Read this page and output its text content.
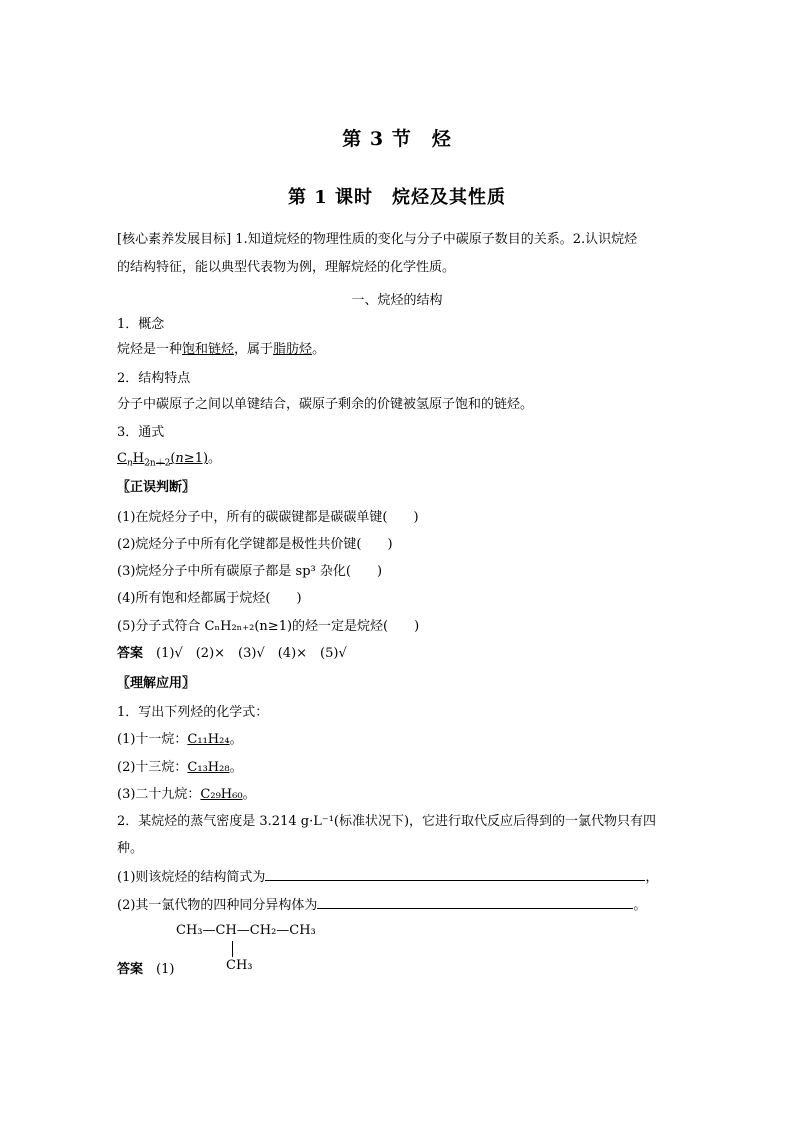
第 3 节　烃
第 1 课时　烷烃及其性质
[核心素养发展目标] 1.知道烷烃的物理性质的变化与分子中碳原子数目的关系。2.认识烷烃
的结构特征，能以典型代表物为例，理解烷烃的化学性质。
一、烷烃的结构
1．概念
烷烃是一种饱和链烃，属于脂肪烃。
2．结构特点
分子中碳原子之间以单键结合，碳原子剩余的价键被氢原子饱和的链烃。
3．通式
$C_nH_{2n+2}(n\ge 1)$。
〖正误判断〗
(1)在烷烃分子中，所有的碳碳键都是碳碳单键(　　)
(2)烷烃分子中所有化学键都是极性共价键(　　)
(3)烷烃分子中所有碳原子都是 sp³ 杂化(　　)
(4)所有饱和烃都属于烷烃(　　)
(5)分子式符合 CₙH₂ₙ₊₂(n≥1)的烃一定是烷烃(　　)
答案　 (1)√　(2)×　(3)√　(4)×　(5)√
〖理解应用〗
1．写出下列烃的化学式：
(1)十一烷：C₁₁H₂₄。
(2)十三烷：C₁₃H₂₈。
(3)二十九烷：C₂₉H₆₀。
2．某烷烃的蒸气密度是 3.214 g·L⁻¹(标准状况下)，它进行取代反应后得到的一氯代物只有四
种。
(1)则该烷烃的结构简式为	，
(2)其一氯代物的四种同分异构体为	。
CH₃—CH—CH₂—CH₃
CH₃
答案　 (1)
